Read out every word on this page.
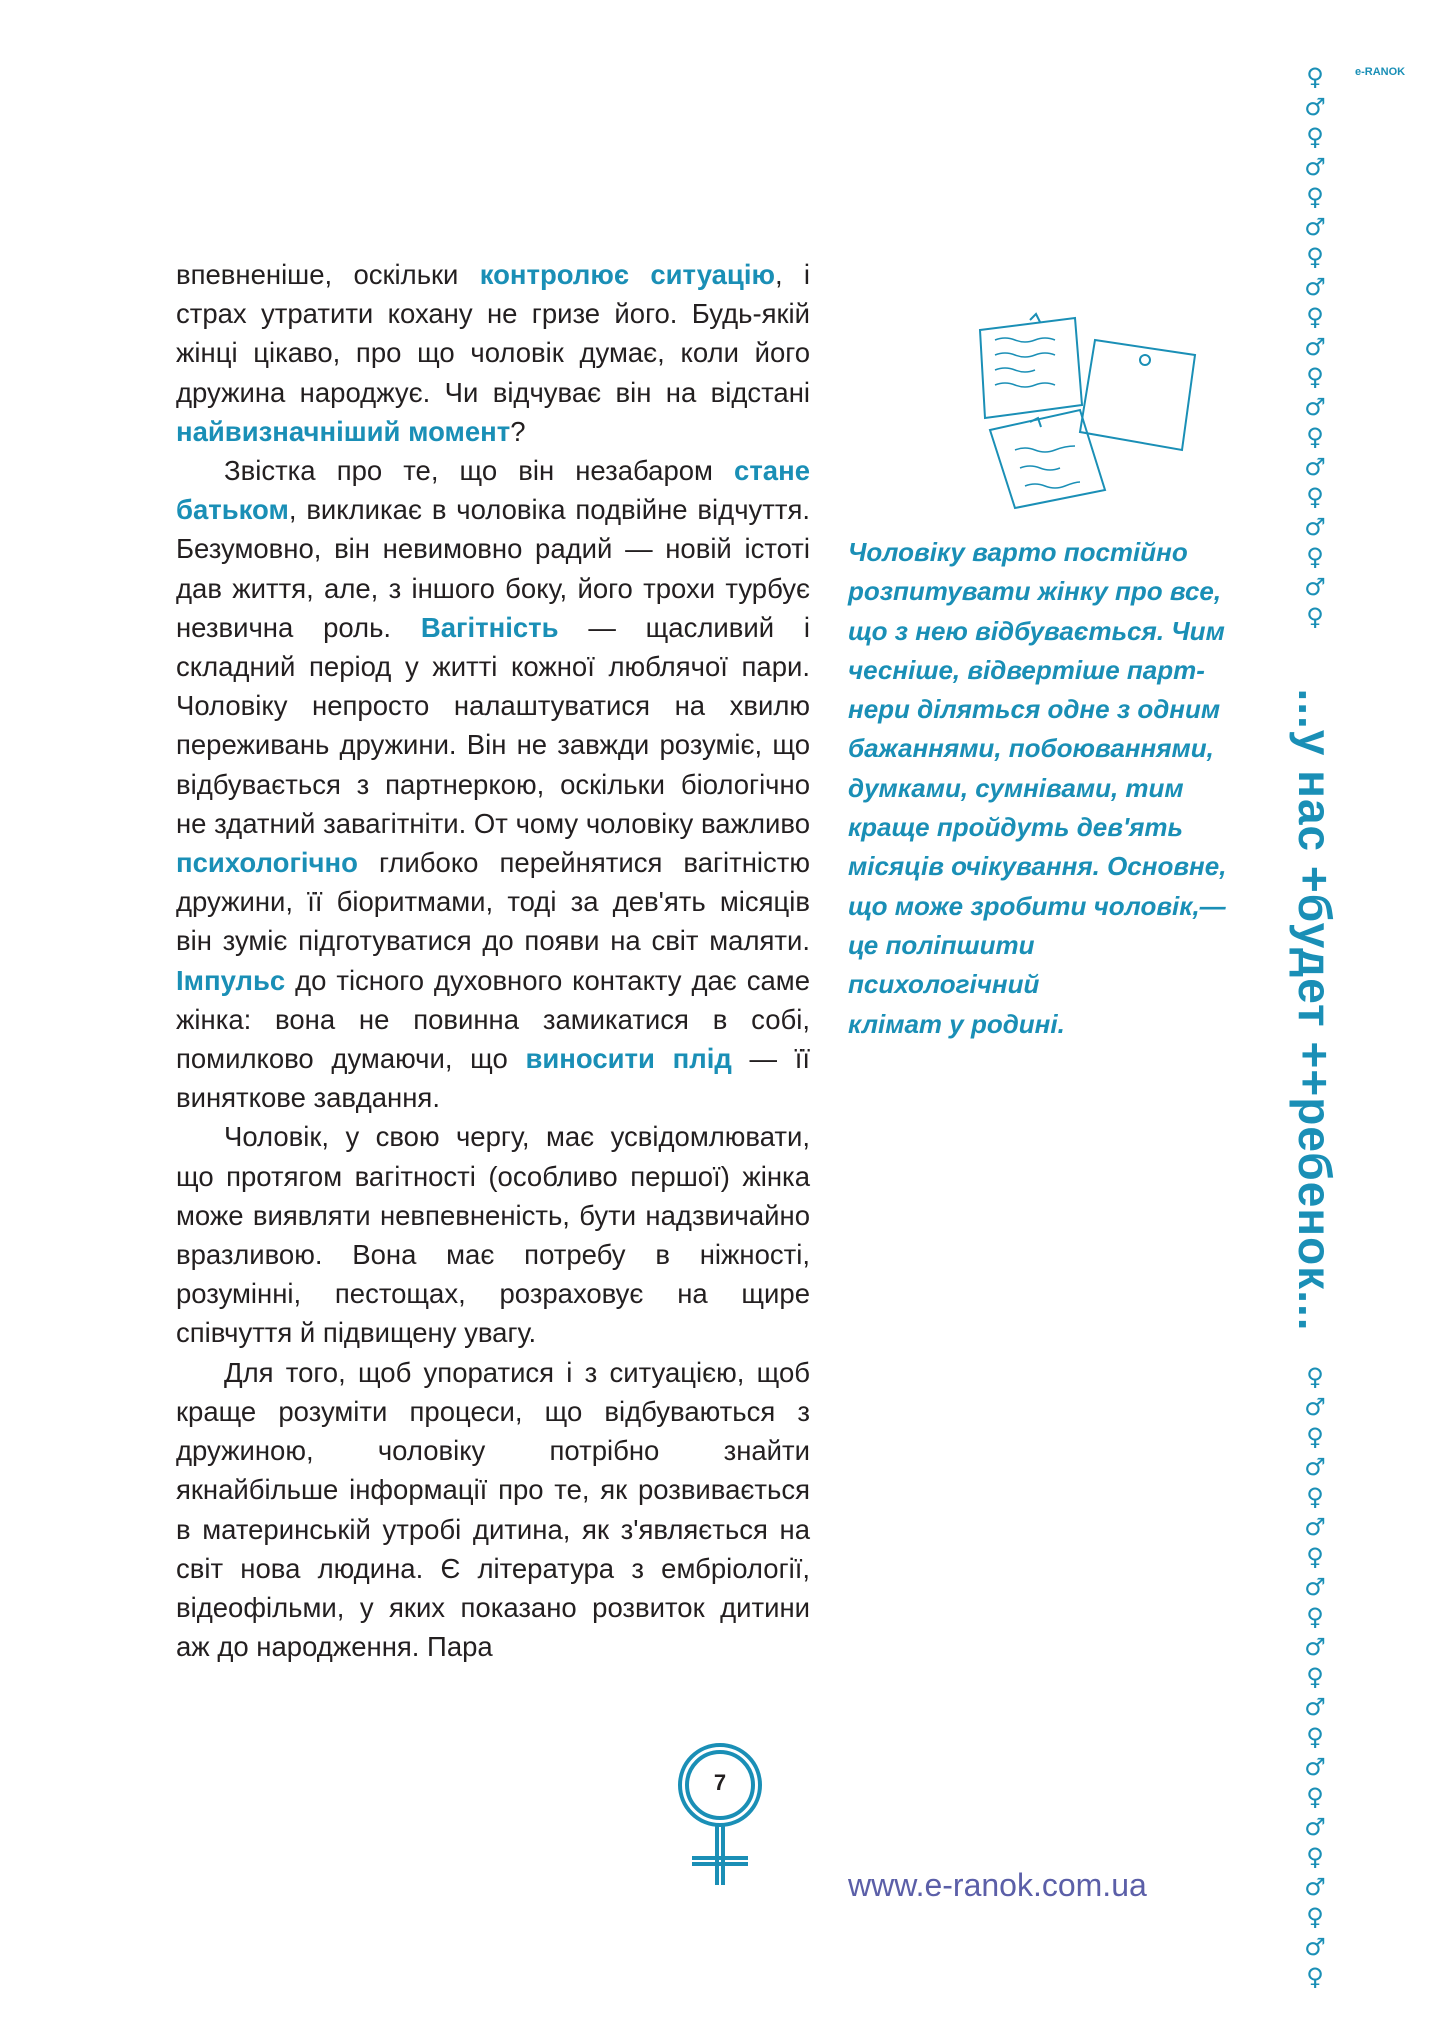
впевненіше, оскільки контролює ситуацію, і страх утратити кохану не гризе його. Будь-якій жінці цікаво, про що чоловік думає, коли його дружина народжує. Чи відчуває він на відстані найвизначніший момент?

Звістка про те, що він незабаром стане батьком, викликає в чоловіка подвійне відчуття. Безумовно, він невимовно радий — новій істоті дав життя, але, з іншого боку, його трохи турбує незвична роль. Вагітність — щасливий і складний період у житті кожної люблячої пари. Чоловіку непросто налаштуватися на хвилю переживань дружини. Він не завжди розуміє, що відбувається з партнеркою, оскільки біологічно не здатний завагітніти. От чому чоловіку важливо психологічно глибоко перейнятися вагітністю дружини, її біоритмами, тоді за дев'ять місяців він зуміє підготуватися до появи на світ маляти. Імпульс до тісного духовного контакту дає саме жінка: вона не повинна замикатися в собі, помилково думаючи, що виносити плід — її виняткове завдання.

Чоловік, у свою чергу, має усвідомлювати, що протягом вагітності (особливо першої) жінка може виявляти невпевненість, бути надзвичайно вразливою. Вона має потребу в ніжності, розумінні, пестощах, розраховує на щире співчуття й підвищену увагу.

Для того, щоб упоратися і з ситуацією, щоб краще розуміти процеси, що відбуваються з дружиною, чоловіку потрібно знайти якнайбільше інформації про те, як розвивається в материнській утробі дитина, як з'являється на світ нова людина. Є література з ембріології, відеофільми, у яких показано розвиток дитини аж до народження. Пара

Чоловіку варто постійно

розпитувати жінку про все,

що з нею відбувається. Чим

чесніше, відвертіше парт-

нери діляться одне з одним

бажаннями, побоюваннями,

думками, сумнівами, тим

краще пройдуть дев'ять

місяців очікування. Основне,

що може зробити чоловік,—

це поліпшити психологічний

клімат у родині.

♀
♂
♀
♂
♀
♂
♀
♂
♀
♂
♀
♂
♀
♂
♀
♂
♀
♂
♀
♀
♂
♀
♂
♀
♂
♀
♂
♀
♂
♀
♂
♀
♂
♀
♂
♀
♂
♀
♂
♀
e-RANOK
...у нас +будет ++ребенок...
7
www.e-ranok.com.ua
